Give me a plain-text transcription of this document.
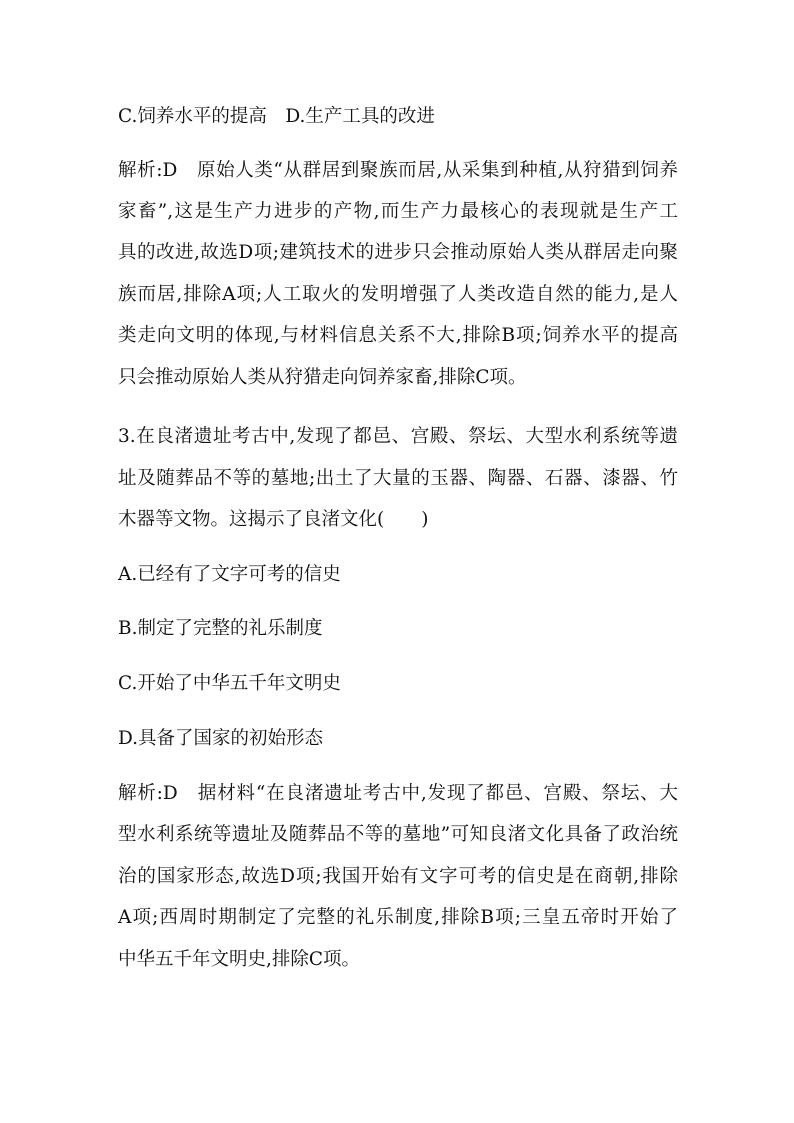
C.饲养水平的提高　D.生产工具的改进
解析:D　原始人类“从群居到聚族而居,从采集到种植,从狩猎到饲养
家畜”,这是生产力进步的产物,而生产力最核心的表现就是生产工
具的改进,故选D项;建筑技术的进步只会推动原始人类从群居走向聚
族而居,排除A项;人工取火的发明增强了人类改造自然的能力,是人
类走向文明的体现,与材料信息关系不大,排除B项;饲养水平的提高
只会推动原始人类从狩猎走向饲养家畜,排除C项。
3.在良渚遗址考古中,发现了都邑、宫殿、祭坛、大型水利系统等遗
址及随葬品不等的墓地;出土了大量的玉器、陶器、石器、漆器、竹
木器等文物。这揭示了良渚文化(　　)
A.已经有了文字可考的信史
B.制定了完整的礼乐制度
C.开始了中华五千年文明史
D.具备了国家的初始形态
解析:D　据材料“在良渚遗址考古中,发现了都邑、宫殿、祭坛、大
型水利系统等遗址及随葬品不等的墓地”可知良渚文化具备了政治统
治的国家形态,故选D项;我国开始有文字可考的信史是在商朝,排除
A项;西周时期制定了完整的礼乐制度,排除B项;三皇五帝时开始了
中华五千年文明史,排除C项。
